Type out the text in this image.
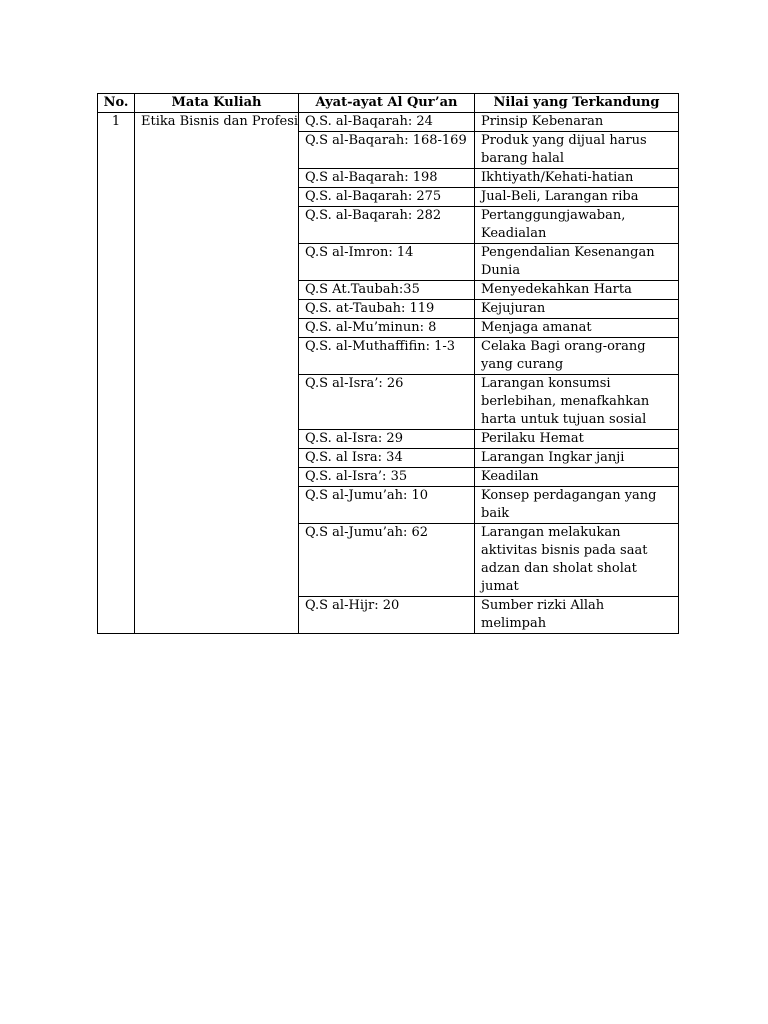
No.	Mata Kuliah	Ayat-ayat Al Qur’an	Nilai yang Terkandung
1	Etika Bisnis dan Profesi	Q.S. al-Baqarah: 24	Prinsip Kebenaran
		Q.S al-Baqarah: 168-169	Produk yang dijual harus barang halal
		Q.S al-Baqarah: 198	Ikhtiyath/Kehati-hatian
		Q.S. al-Baqarah: 275	Jual-Beli, Larangan riba
		Q.S. al-Baqarah: 282	Pertanggungjawaban, Keadialan
		Q.S al-Imron: 14	Pengendalian Kesenangan Dunia
		Q.S At.Taubah:35	Menyedekahkan Harta
		Q.S. at-Taubah: 119	Kejujuran
		Q.S. al-Mu’minun: 8	Menjaga amanat
		Q.S. al-Muthaffifin: 1-3	Celaka Bagi orang-orang yang curang
		Q.S al-Isra’: 26	Larangan konsumsi berlebihan, menafkahkan harta untuk tujuan sosial
		Q.S. al-Isra: 29	Perilaku Hemat
		Q.S. al Isra: 34	Larangan Ingkar janji
		Q.S. al-Isra’: 35	Keadilan
		Q.S al-Jumu’ah: 10	Konsep perdagangan yang baik
		Q.S al-Jumu’ah: 62	Larangan melakukan aktivitas bisnis pada saat adzan dan sholat sholat jumat
		Q.S al-Hijr: 20	Sumber rizki Allah melimpah
